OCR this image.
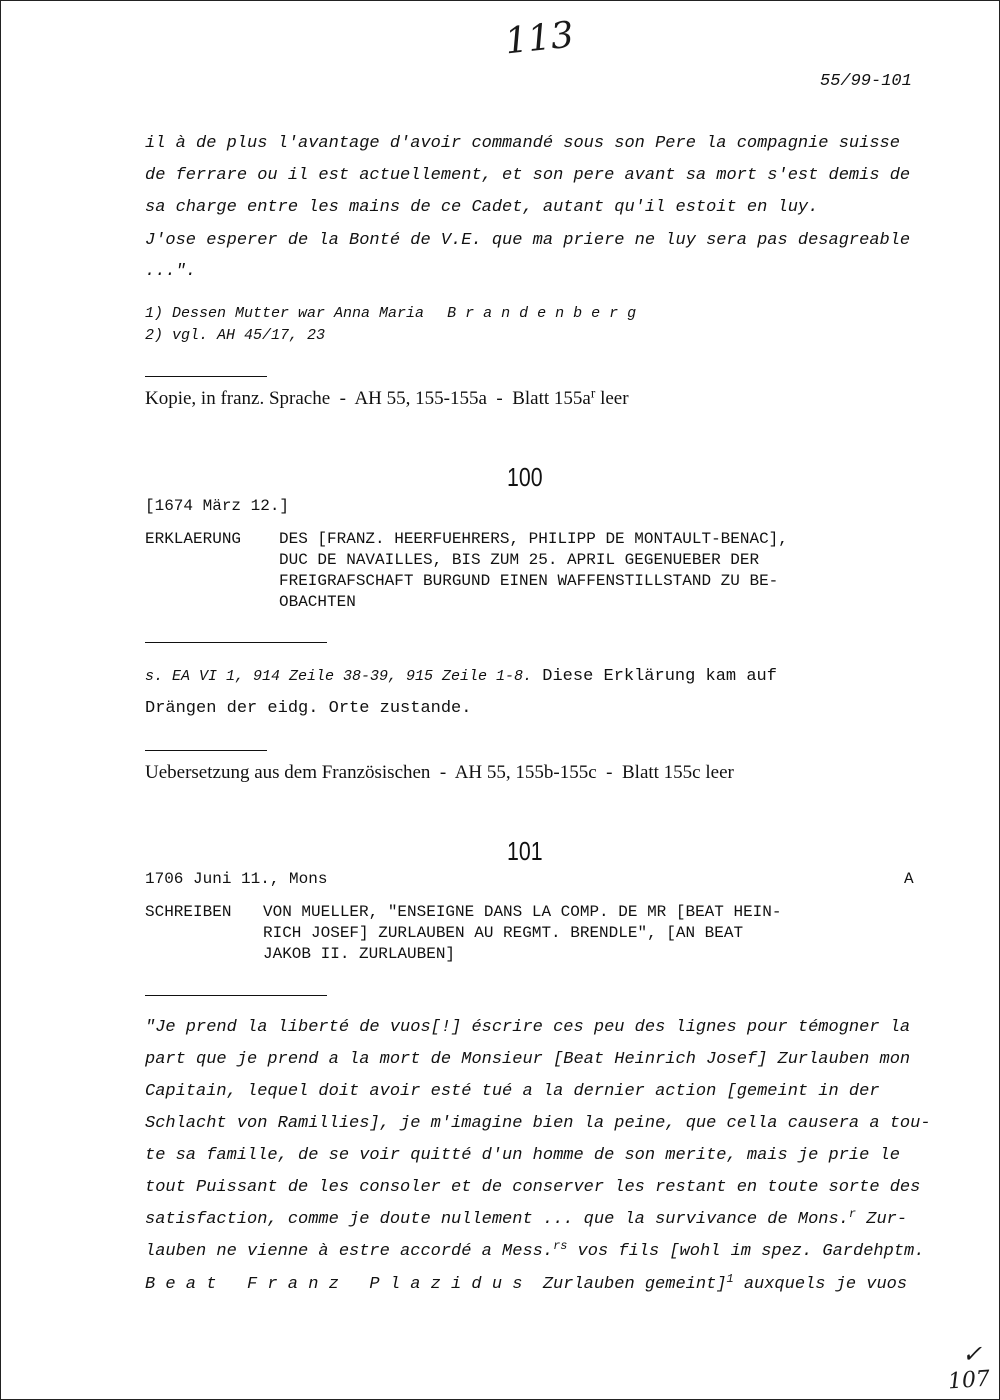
113
55/99-101
il à de plus l'avantage d'avoir commandé sous son Pere la compagnie suisse
de ferrare ou il est actuellement, et son pere avant sa mort s'est demis de
sa charge entre les mains de ce Cadet, autant qu'il estoit en luy.
J'ose esperer de la Bonté de V.E. que ma priere ne luy sera pas desagreable
...".
1) Dessen Mutter war Anna Maria Brandenberg
2) vgl. AH 45/17, 23
Kopie, in franz. Sprache  -  AH 55, 155-155a  -  Blatt $155a^r$ leer
100
[1674 März 12.]
ERKLAERUNG DES [FRANZ. HEERFUEHRERS, PHILIPP DE MONTAULT-BENAC],
DUC DE NAVAILLES, BIS ZUM 25. APRIL GEGENUEBER DER
FREIGRAFSCHAFT BURGUND EINEN WAFFENSTILLSTAND ZU BE-
OBACHTEN
s. EA VI 1, 914 Zeile 38-39, 915 Zeile 1-8. Diese Erklärung kam auf
Drängen der eidg. Orte zustande.
Uebersetzung aus dem Französischen  -  AH 55, 155b-155c  -  Blatt 155c leer
101
1706 Juni 11., Mons	A
SCHREIBEN VON MUELLER, "ENSEIGNE DANS LA COMP. DE MR [BEAT HEIN-
RICH JOSEF] ZURLAUBEN AU REGMT. BRENDLE", [AN BEAT
JAKOB II. ZURLAUBEN]
"Je prend la liberté de vuos[!] éscrire ces peu des lignes pour témogner la
part que je prend a la mort de Monsieur [Beat Heinrich Josef] Zurlauben mon
Capitain, lequel doit avoir esté tué a la dernier action [gemeint in der
Schlacht von Ramillies], je m'imagine bien la peine, que cella causera a tou-
te sa famille, de se voir quitté d'un homme de son merite, mais je prie le
tout Puissant de les consoler et de conserver les restant en toute sorte des
satisfaction, comme je doute nullement ... que la survivance de Mons.$^r$ Zur-
lauben ne vienne à estre accordé a Mess.$^{rs}$ vos fils [wohl im spez. Gardehptm.
Beat Franz Plazidus Zurlauben gemeint]$^1$ auxquels je vuos
✓
107
